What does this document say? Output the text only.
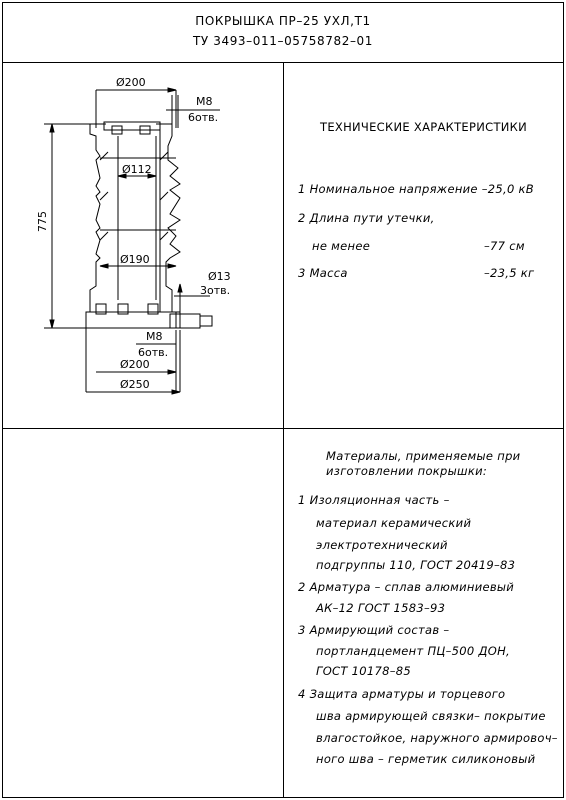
ПОКРЫШКА ПР–25 УХЛ,Т1
ТУ 3493–011–05758782–01
Ø200
M8
6отв.
775
Ø112
Ø190
Ø13
3отв.
M8
6отв.
Ø200
Ø250
ТЕХНИЧЕСКИЕ ХАРАКТЕРИСТИКИ
1 Номинальное напряжение –25,0 кВ
2 Длина пути утечки,
не менее	–77 см
3 Масса	–23,5 кг
Материалы, применяемые при
изготовлении покрышки:
1 Изоляционная часть –
материал керамический
электротехнический
подгруппы 110, ГОСТ 20419–83
2 Арматура – сплав алюминиевый
АК–12 ГОСТ 1583–93
3 Армирующий состав –
портландцемент ПЦ–500 ДОН,
ГОСТ 10178–85
4 Защита арматуры и торцевого
шва армирующей связки– покрытие
влагостойкое, наружного армировоч–
ного шва – герметик силиконовый
